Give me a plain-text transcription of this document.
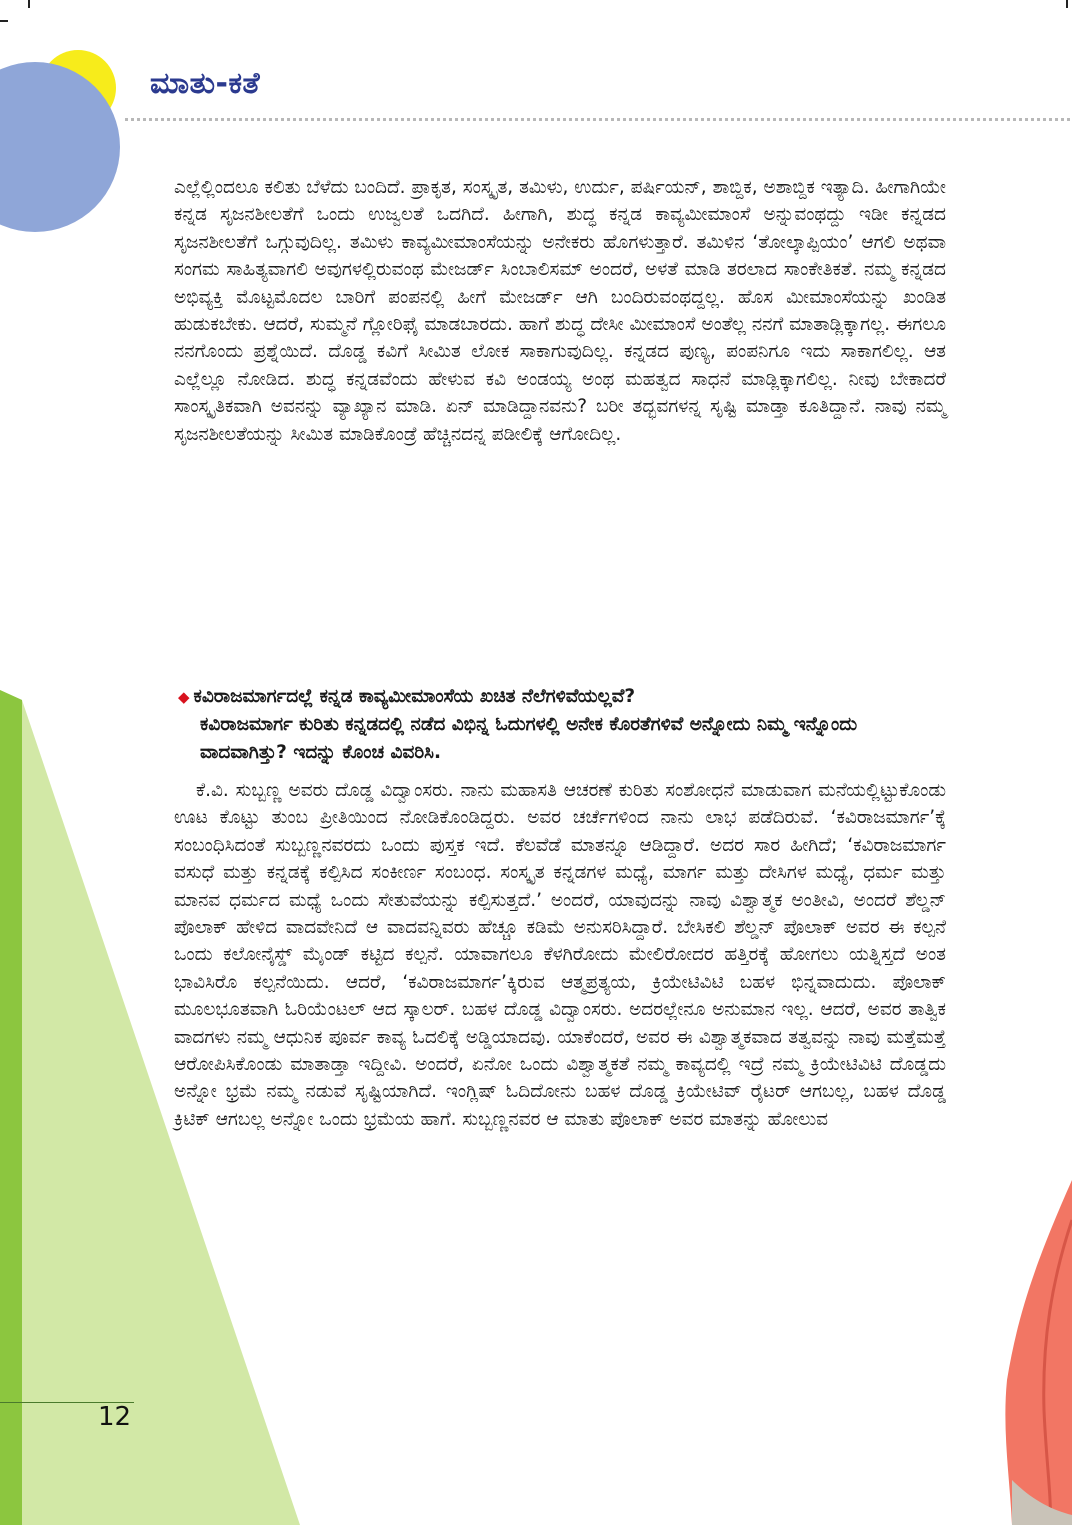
ಮಾತು-ಕತೆ

ಎಲ್ಲೆಲ್ಲಿಂದಲೂ ಕಲಿತು ಬೆಳೆದು ಬಂದಿದೆ. ಪ್ರಾಕೃತ, ಸಂಸ್ಕೃತ, ತಮಿಳು, ಉರ್ದು, ಪರ್ಷಿಯನ್, ಶಾಬ್ದಿಕ, ಅಶಾಬ್ದಿಕ ಇತ್ಯಾದಿ. ಹೀಗಾಗಿಯೇ ಕನ್ನಡ ಸೃಜನಶೀಲತೆಗೆ ಒಂದು ಉಜ್ವಲತೆ ಒದಗಿದೆ. ಹೀಗಾಗಿ, ಶುದ್ಧ ಕನ್ನಡ ಕಾವ್ಯಮೀಮಾಂಸೆ ಅನ್ನುವಂಥದ್ದು ಇಡೀ ಕನ್ನಡದ ಸೃಜನಶೀಲತೆಗೆ ಒಗ್ಗುವುದಿಲ್ಲ. ತಮಿಳು ಕಾವ್ಯಮೀಮಾಂಸೆಯನ್ನು ಅನೇಕರು ಹೊಗಳುತ್ತಾರೆ. ತಮಿಳಿನ ‘ತೋಲ್ಕಾಪ್ಪಿಯಂ’ ಆಗಲಿ ಅಥವಾ ಸಂಗಮ ಸಾಹಿತ್ಯವಾಗಲಿ ಅವುಗಳಲ್ಲಿರುವಂಥ ಮೇಜರ್ಡ್ ಸಿಂಬಾಲಿಸಮ್ ಅಂದರೆ, ಅಳತೆ ಮಾಡಿ ತರಲಾದ ಸಾಂಕೇತಿಕತೆ. ನಮ್ಮ ಕನ್ನಡದ ಅಭಿವ್ಯಕ್ತಿ ಮೊಟ್ಟಮೊದಲ ಬಾರಿಗೆ ಪಂಪನಲ್ಲಿ ಹೀಗೆ ಮೇಜರ್ಡ್ ಆಗಿ ಬಂದಿರುವಂಥದ್ದಲ್ಲ. ಹೊಸ ಮೀಮಾಂಸೆಯನ್ನು ಖಂಡಿತ ಹುಡುಕಬೇಕು. ಆದರೆ, ಸುಮ್ಮನೆ ಗ್ಲೋರಿಫೈ ಮಾಡಬಾರದು. ಹಾಗೆ ಶುದ್ಧ ದೇಸೀ ಮೀಮಾಂಸೆ ಅಂತೆಲ್ಲ ನನಗೆ ಮಾತಾಡ್ಲಿಕ್ಕಾಗಲ್ಲ. ಈಗಲೂ ನನಗೊಂದು ಪ್ರಶ್ನೆಯಿದೆ. ದೊಡ್ಡ ಕವಿಗೆ ಸೀಮಿತ ಲೋಕ ಸಾಕಾಗುವುದಿಲ್ಲ. ಕನ್ನಡದ ಪುಣ್ಯ, ಪಂಪನಿಗೂ ಇದು ಸಾಕಾಗಲಿಲ್ಲ. ಆತ ಎಲ್ಲೆಲ್ಲೂ ನೋಡಿದ. ಶುದ್ಧ ಕನ್ನಡವೆಂದು ಹೇಳುವ ಕವಿ ಅಂಡಯ್ಯ ಅಂಥ ಮಹತ್ವದ ಸಾಧನೆ ಮಾಡ್ಲಿಕ್ಕಾಗಲಿಲ್ಲ. ನೀವು ಬೇಕಾದರೆ ಸಾಂಸ್ಕೃತಿಕವಾಗಿ ಅವನನ್ನು ವ್ಯಾಖ್ಯಾನ ಮಾಡಿ. ಏನ್ ಮಾಡಿದ್ದಾನವನು? ಬರೀ ತದ್ಭವಗಳನ್ನ ಸೃಷ್ಟಿ ಮಾಡ್ತಾ ಕೂತಿದ್ದಾನೆ. ನಾವು ನಮ್ಮ ಸೃಜನಶೀಲತೆಯನ್ನು ಸೀಮಿತ ಮಾಡಿಕೊಂಡ್ರೆ ಹೆಚ್ಚಿನದನ್ನ ಪಡೀಲಿಕ್ಕೆ ಆಗೋದಿಲ್ಲ.

◆ ಕವಿರಾಜಮಾರ್ಗದಲ್ಲೆ ಕನ್ನಡ ಕಾವ್ಯಮೀಮಾಂಸೆಯ ಖಚಿತ ನೆಲೆಗಳಿವೆಯಲ್ಲವೆ?
ಕವಿರಾಜಮಾರ್ಗ ಕುರಿತು ಕನ್ನಡದಲ್ಲಿ ನಡೆದ ವಿಭಿನ್ನ ಓದುಗಳಲ್ಲಿ ಅನೇಕ ಕೊರತೆಗಳಿವೆ ಅನ್ನೋದು ನಿಮ್ಮ ಇನ್ನೊಂದು ವಾದವಾಗಿತ್ತು? ಇದನ್ನು ಕೊಂಚ ವಿವರಿಸಿ.

ಕೆ.ವಿ. ಸುಬ್ಬಣ್ಣ ಅವರು ದೊಡ್ಡ ವಿದ್ವಾಂಸರು. ನಾನು ಮಹಾಸತಿ ಆಚರಣೆ ಕುರಿತು ಸಂಶೋಧನೆ ಮಾಡುವಾಗ ಮನೆಯಲ್ಲಿಟ್ಟುಕೊಂಡು ಊಟ ಕೊಟ್ಟು ತುಂಬ ಪ್ರೀತಿಯಿಂದ ನೋಡಿಕೊಂಡಿದ್ದರು. ಅವರ ಚರ್ಚೆಗಳಿಂದ ನಾನು ಲಾಭ ಪಡೆದಿರುವೆ. ‘ಕವಿರಾಜಮಾರ್ಗ’ಕ್ಕೆ ಸಂಬಂಧಿಸಿದಂತೆ ಸುಬ್ಬಣ್ಣನವರದು ಒಂದು ಪುಸ್ತಕ ಇದೆ. ಕೆಲವೆಡೆ ಮಾತನ್ನೂ ಆಡಿದ್ದಾರೆ. ಅದರ ಸಾರ ಹೀಗಿದೆ; ‘ಕವಿರಾಜಮಾರ್ಗ ವಸುಧೆ ಮತ್ತು ಕನ್ನಡಕ್ಕೆ ಕಲ್ಪಿಸಿದ ಸಂಕೀರ್ಣ ಸಂಬಂಧ. ಸಂಸ್ಕೃತ ಕನ್ನಡಗಳ ಮಧ್ಯೆ, ಮಾರ್ಗ ಮತ್ತು ದೇಸಿಗಳ ಮಧ್ಯೆ, ಧರ್ಮ ಮತ್ತು ಮಾನವ ಧರ್ಮದ ಮಧ್ಯೆ ಒಂದು ಸೇತುವೆಯನ್ನು ಕಲ್ಪಿಸುತ್ತದೆ.’ ಅಂದರೆ, ಯಾವುದನ್ನು ನಾವು ವಿಶ್ವಾತ್ಮಕ ಅಂತೀವಿ, ಅಂದರೆ ಶೆಲ್ಡನ್ ಪೊಲಾಕ್ ಹೇಳಿದ ವಾದವೇನಿದೆ ಆ ವಾದವನ್ನಿವರು ಹೆಚ್ಚೂ ಕಡಿಮೆ ಅನುಸರಿಸಿದ್ದಾರೆ. ಬೇಸಿಕಲಿ ಶೆಲ್ಡನ್ ಪೊಲಾಕ್ ಅವರ ಈ ಕಲ್ಪನೆ ಒಂದು ಕಲೋನೈಸ್ಡ್ ಮೈಂಡ್ ಕಟ್ಟಿದ ಕಲ್ಪನೆ. ಯಾವಾಗಲೂ ಕೆಳಗಿರೋದು ಮೇಲಿರೋದರ ಹತ್ತಿರಕ್ಕೆ ಹೋಗಲು ಯತ್ನಿಸ್ತದೆ ಅಂತ ಭಾವಿಸಿರೊ ಕಲ್ಪನೆಯಿದು. ಆದರೆ, ‘ಕವಿರಾಜಮಾರ್ಗ’ಕ್ಕಿರುವ ಆತ್ಮಪ್ರತ್ಯಯ, ಕ್ರಿಯೇಟಿವಿಟಿ ಬಹಳ ಭಿನ್ನವಾದುದು. ಪೊಲಾಕ್ ಮೂಲಭೂತವಾಗಿ ಓರಿಯೆಂಟಲ್ ಆದ ಸ್ಕಾಲರ್. ಬಹಳ ದೊಡ್ಡ ವಿದ್ವಾಂಸರು. ಅದರಲ್ಲೇನೂ ಅನುಮಾನ ಇಲ್ಲ. ಆದರೆ, ಅವರ ತಾತ್ವಿಕ ವಾದಗಳು ನಮ್ಮ ಆಧುನಿಕ ಪೂರ್ವ ಕಾವ್ಯ ಓದಲಿಕ್ಕೆ ಅಡ್ಡಿಯಾದವು. ಯಾಕೆಂದರೆ, ಅವರ ಈ ವಿಶ್ವಾತ್ಮಕವಾದ ತತ್ವವನ್ನು ನಾವು ಮತ್ತೆಮತ್ತೆ ಆರೋಪಿಸಿಕೊಂಡು ಮಾತಾಡ್ತಾ ಇದ್ದೀವಿ. ಅಂದರೆ, ಏನೋ ಒಂದು ವಿಶ್ವಾತ್ಮಕತೆ ನಮ್ಮ ಕಾವ್ಯದಲ್ಲಿ ಇದ್ರೆ ನಮ್ಮ ಕ್ರಿಯೇಟಿವಿಟಿ ದೊಡ್ಡದು ಅನ್ನೋ ಭ್ರಮೆ ನಮ್ಮ ನಡುವೆ ಸೃಷ್ಟಿಯಾಗಿದೆ. ಇಂಗ್ಲಿಷ್ ಓದಿದೋನು ಬಹಳ ದೊಡ್ಡ ಕ್ರಿಯೇಟಿವ್ ರೈಟರ್ ಆಗಬಲ್ಲ, ಬಹಳ ದೊಡ್ಡ ಕ್ರಿಟಿಕ್ ಆಗಬಲ್ಲ ಅನ್ನೋ ಒಂದು ಭ್ರಮೆಯ ಹಾಗೆ. ಸುಬ್ಬಣ್ಣನವರ ಆ ಮಾತು ಪೊಲಾಕ್ ಅವರ ಮಾತನ್ನು ಹೋಲುವ

12
